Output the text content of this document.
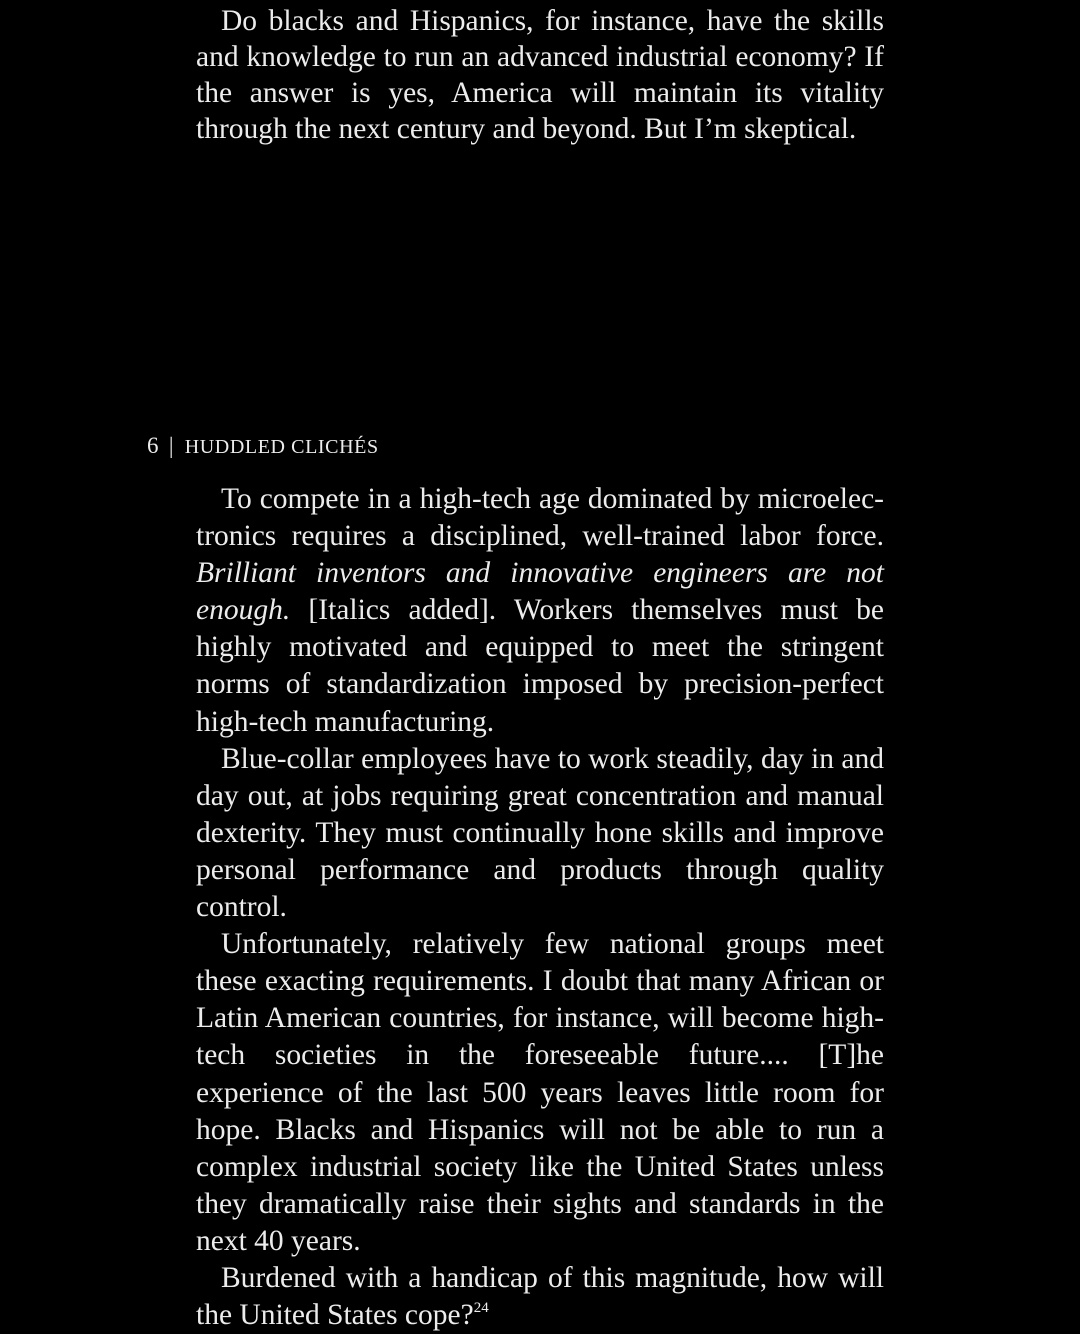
Do blacks and Hispanics, for instance, have the skills and knowledge to run an advanced industrial economy? If the answer is yes, America will maintain its vitality through the next century and beyond. But I’m skeptical.

6 | HUDDLED CLICHÉS

To compete in a high-tech age dominated by microelectronics requires a disciplined, well-trained labor force. Brilliant inventors and innovative engineers are not enough. [Italics added]. Workers themselves must be highly motivated and equipped to meet the stringent norms of standardization imposed by precision-perfect high-tech manufacturing.

Blue-collar employees have to work steadily, day in and day out, at jobs requiring great concentration and manual dexterity. They must continually hone skills and improve personal performance and products through quality control.

Unfortunately, relatively few national groups meet these exacting requirements. I doubt that many African or Latin American countries, for instance, will become high-tech societies in the foreseeable future.... [T]he experience of the last 500 years leaves little room for hope. Blacks and Hispanics will not be able to run a complex industrial society like the United States unless they dramatically raise their sights and standards in the next 40 years.

Burdened with a handicap of this magnitude, how will the United States cope?$^{24}$
